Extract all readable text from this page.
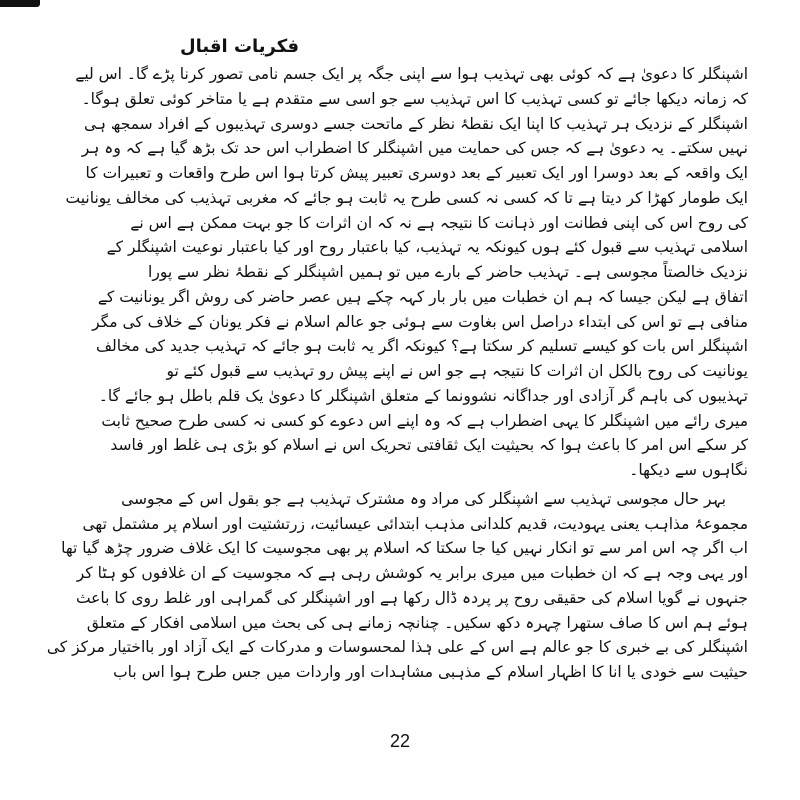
فکریات اقبال
اشپنگلر کا دعویٰ ہے کہ کوئی بھی تہذیب ہوا سے اپنی جگہ پر ایک جسم نامی تصور کرنا پڑے گا۔ اس لیے
کہ زمانہ دیکھا جائے تو کسی تہذیب کا اس تہذیب سے جو اسی سے متقدم ہے یا متاخر کوئی تعلق ہوگا۔
اشپنگلر کے نزدیک ہر تہذیب کا اپنا ایک نقطۂ نظر کے ماتحت جسے دوسری تہذیبوں کے افراد سمجھ ہی
نہیں سکتے۔ یہ دعویٰ ہے کہ جس کی حمایت میں اشپنگلر کا اضطراب اس حد تک بڑھ گیا ہے کہ وہ ہر
ایک واقعہ کے بعد دوسرا اور ایک تعبیر کے بعد دوسری تعبیر پیش کرتا ہوا اس طرح واقعات و تعبیرات کا
ایک طومار کھڑا کر دیتا ہے تا کہ کسی نہ کسی طرح یہ ثابت ہو جائے کہ مغربی تہذیب کی مخالف یونانیت
کی روح اس کی اپنی فطانت اور ذہانت کا نتیجہ ہے نہ کہ ان اثرات کا جو بہت ممکن ہے اس نے
اسلامی تہذیب سے قبول کئے ہوں کیونکہ یہ تہذیب، کیا باعتبار روح اور کیا باعتبار نوعیت اشپنگلر کے
نزدیک خالصتاً مجوسی ہے۔ تہذیب حاضر کے بارے میں تو ہمیں اشپنگلر کے نقطۂ نظر سے پورا
اتفاق ہے لیکن جیسا کہ ہم ان خطبات میں بار بار کہہ چکے ہیں عصر حاضر کی روش اگر یونانیت کے
منافی ہے تو اس کی ابتداء دراصل اس بغاوت سے ہوئی جو عالم اسلام نے فکر یونان کے خلاف کی مگر
اشپنگلر اس بات کو کیسے تسلیم کر سکتا ہے؟ کیونکہ اگر یہ ثابت ہو جائے کہ تہذیب جدید کی مخالف
یونانیت کی روح بالکل ان اثرات کا نتیجہ ہے جو اس نے اپنے پیش رو تہذیب سے قبول کئے تو
تہذیبوں کی باہم گر آزادی اور جداگانہ نشوونما کے متعلق اشپنگلر کا دعویٰ یک قلم باطل ہو جائے گا۔
میری رائے میں اشپنگلر کا یہی اضطراب ہے کہ وہ اپنے اس دعوے کو کسی نہ کسی طرح صحیح ثابت
کر سکے اس امر کا باعث ہوا کہ بحیثیت ایک ثقافتی تحریک اس نے اسلام کو بڑی ہی غلط اور فاسد
نگاہوں سے دیکھا۔
بہر حال مجوسی تہذیب سے اشپنگلر کی مراد وہ مشترک تہذیب ہے جو بقول اس کے مجوسی
مجموعۂ مذاہب یعنی یہودیت، قدیم کلدانی مذہب ابتدائی عیسائیت، زرتشتیت اور اسلام پر مشتمل تھی
اب اگر چہ اس امر سے تو انکار نہیں کیا جا سکتا کہ اسلام پر بھی مجوسیت کا ایک غلاف ضرور چڑھ گیا تھا
اور یہی وجہ ہے کہ ان خطبات میں میری برابر یہ کوشش رہی ہے کہ مجوسیت کے ان غلافوں کو ہٹا کر
جنہوں نے گویا اسلام کی حقیقی روح پر پردہ ڈال رکھا ہے اور اشپنگلر کی گمراہی اور غلط روی کا باعث
ہوئے ہم اس کا صاف ستھرا چہرہ دکھ سکیں۔ چنانچہ زمانے ہی کی بحث میں اسلامی افکار کے متعلق
اشپنگلر کی بے خبری کا جو عالم ہے اس کے علی ہٰذا لمحسوسات و مدرکات کے ایک آزاد اور بااختیار مرکز کی
حیثیت سے خودی یا انا کا اظہار اسلام کے مذہبی مشاہدات اور واردات میں جس طرح ہوا اس باب
22
